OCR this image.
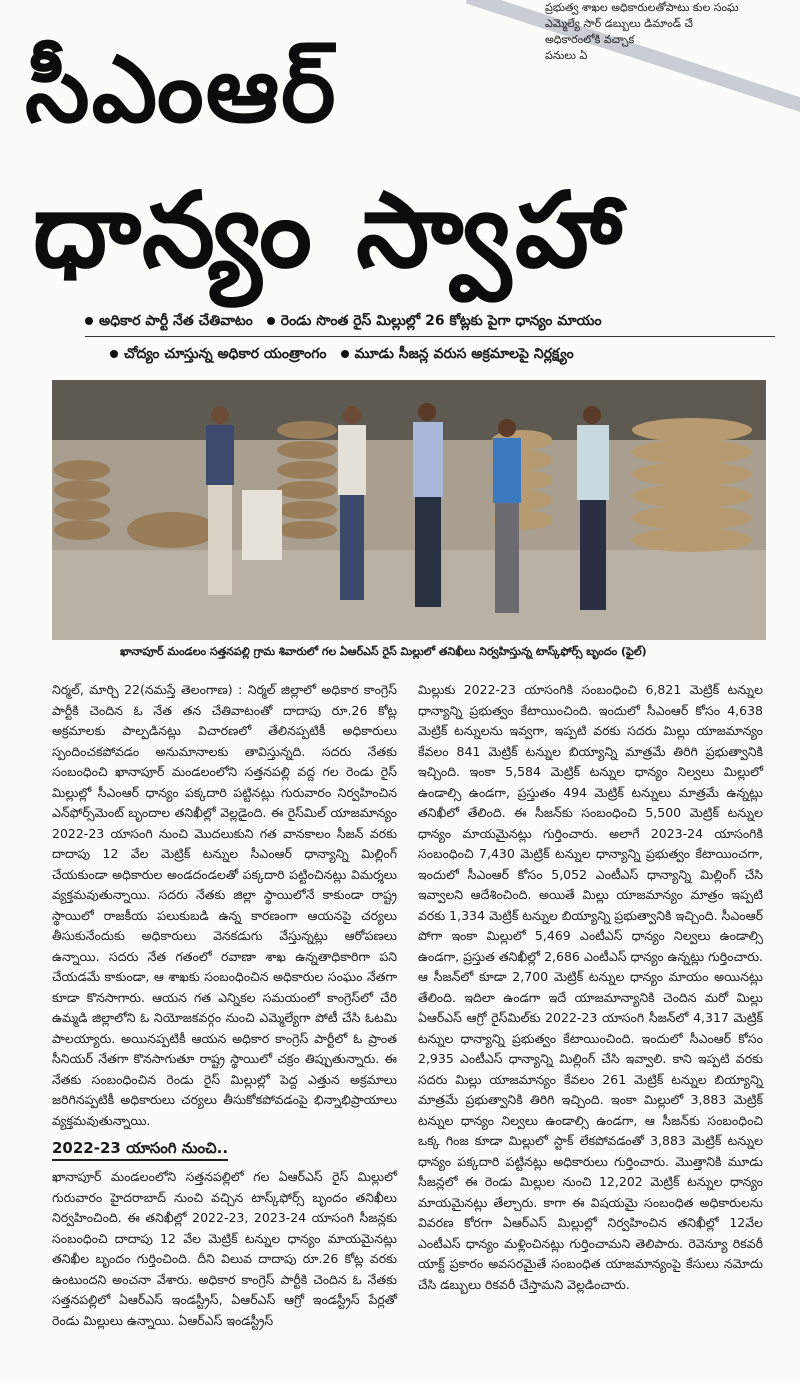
ప్రభుత్వ శాఖల అధికారులతోపాటు కుల సంఘ
ఎమ్మెల్యే సార్ డబ్బులు డిమాండ్ చే
అధికారంలోకి వచ్చాక
పనులు ఏ
సీఎంఆర్
ధాన్యం స్వాహా
అధికార పార్టీ నేత చేతివాటం	రెండు సొంత రైస్ మిల్లుల్లో 26 కోట్లకు పైగా ధాన్యం మాయం
చోద్యం చూస్తున్న అధికార యంత్రాంగం	మూడు సీజన్ల వరుస అక్రమాలపై నిర్లక్ష్యం
ఖానాపూర్ మండలం సత్తనపల్లి గ్రామ శివారులో గల ఏఆర్ఎస్ రైస్ మిల్లులో తనిఖీలు నిర్వహిస్తున్న టాస్క్‌ఫోర్స్ బృందం (ఫైల్)

నిర్మల్, మార్చి 22(నమస్తే తెలంగాణ) : నిర్మల్ జిల్లాలో అధికార కాంగ్రెస్ పార్టీకి చెందిన ఓ నేత తన చేతివాటంతో దాదాపు రూ.26 కోట్ల అక్రమాలకు పాల్పడినట్లు విచారణలో తేలినప్పటికీ అధికారులు స్పందించకపోవడం అనుమానాలకు తావిస్తున్నది. సదరు నేతకు సంబంధించి ఖానాపూర్ మండలంలోని సత్తనపల్లి వద్ద గల రెండు రైస్ మిల్లుల్లో సీఎంఆర్ ధాన్యం పక్కదారి పట్టినట్లు గురువారం నిర్వహించిన ఎన్‌ఫోర్స్‌మెంట్ బృందాల తనిఖీల్లో వెల్లడైంది. ఈ రైస్‌మిల్ యాజమాన్యం 2022-23 యాసంగి నుంచి మొదలుకుని గత వానకాలం సీజన్ వరకు దాదాపు 12 వేల మెట్రిక్ టన్నుల సీఎంఆర్ ధాన్యాన్ని మిల్లింగ్ చేయకుండా అధికారుల అండదండలతో పక్కదారి పట్టించినట్లు విమర్శలు వ్యక్తమవుతున్నాయి. సదరు నేతకు జిల్లా స్థాయిలోనే కాకుండా రాష్ట్ర స్థాయిలో రాజకీయ పలుకుబడి ఉన్న కారణంగా ఆయనపై చర్యలు తీసుకునేందుకు అధికారులు వెనకడుగు వేస్తున్నట్లు ఆరోపణలు ఉన్నాయి. సదరు నేత గతంలో రవాణా శాఖ ఉన్నతాధికారిగా పని చేయడమే కాకుండా, ఆ శాఖకు సంబంధించిన అధికారుల సంఘం నేతగా కూడా కొనసాగారు. ఆయన గత ఎన్నికల సమయంలో కాంగ్రెస్‌లో చేరి ఉమ్మడి జిల్లాలోని ఓ నియోజకవర్గం నుంచి ఎమ్మెల్యేగా పోటీ చేసి ఓటమి పాలయ్యారు. అయినప్పటికీ ఆయన అధికార కాంగ్రెస్ పార్టీలో ఓ ప్రాంత సీనియర్ నేతగా కొనసాగుతూ రాష్ట్ర స్థాయిలో చక్రం తిప్పుతున్నారు. ఈ నేతకు సంబంధించిన రెండు రైస్ మిల్లుల్లో పెద్ద ఎత్తున అక్రమాలు జరిగినప్పటికీ అధికారులు చర్యలు తీసుకోకపోవడంపై భిన్నాభిప్రాయాలు వ్యక్తమవుతున్నాయి.

2022-23 యాసంగి నుంచి..

ఖానాపూర్ మండలంలోని సత్తనపల్లిలో గల ఏఆర్ఎస్ రైస్ మిల్లులో గురువారం హైదరాబాద్ నుంచి వచ్చిన టాస్క్‌ఫోర్స్ బృందం తనిఖీలు నిర్వహించింది. ఈ తనిఖీల్లో 2022-23, 2023-24 యాసంగి సీజన్లకు సంబంధించి దాదాపు 12 వేల మెట్రిక్ టన్నుల ధాన్యం మాయమైనట్లు తనిఖీల బృందం గుర్తించింది. దీని విలువ దాదాపు రూ.26 కోట్ల వరకు ఉంటుందని అంచనా వేశారు. అధికార కాంగ్రెస్ పార్టీకి చెందిన ఓ నేతకు సత్తనపల్లిలో ఏఆర్ఎస్ ఇండస్ట్రీస్, ఏఆర్ఎస్ ఆగ్రో ఇండస్ట్రీస్ పేర్లతో రెండు మిల్లులు ఉన్నాయి. ఏఆర్ఎస్ ఇండస్ట్రీస్

మిల్లుకు 2022-23 యాసంగికి సంబంధించి 6,821 మెట్రిక్ టన్నుల ధాన్యాన్ని ప్రభుత్వం కేటాయించింది. ఇందులో సీఎంఆర్ కోసం 4,638 మెట్రిక్ టన్నులను ఇవ్వగా, ఇప్పటి వరకు సదరు మిల్లు యాజమాన్యం కేవలం 841 మెట్రిక్ టన్నుల బియ్యాన్ని మాత్రమే తిరిగి ప్రభుత్వానికి ఇచ్చింది. ఇంకా 5,584 మెట్రిక్ టన్నుల ధాన్యం నిల్వలు మిల్లులో ఉండాల్సి ఉండగా, ప్రస్తుతం 494 మెట్రిక్ టన్నులు మాత్రమే ఉన్నట్లు తనిఖీలో తేలింది. ఈ సీజన్‌కు సంబంధించి 5,500 మెట్రిక్ టన్నుల ధాన్యం మాయమైనట్లు గుర్తించారు. అలాగే 2023-24 యాసంగికి సంబంధించి 7,430 మెట్రిక్ టన్నుల ధాన్యాన్ని ప్రభుత్వం కేటాయించగా, ఇందులో సీఎంఆర్ కోసం 5,052 ఎంటీఎస్ ధాన్యాన్ని మిల్లింగ్ చేసి ఇవ్వాలని ఆదేశించింది. అయితే మిల్లు యాజమాన్యం మాత్రం ఇప్పటి వరకు 1,334 మెట్రిక్ టన్నుల బియ్యాన్ని ప్రభుత్వానికి ఇచ్చింది. సీఎంఆర్ పోగా ఇంకా మిల్లులో 5,469 ఎంటీఎస్ ధాన్యం నిల్వలు ఉండాల్సి ఉండగా, ప్రస్తుత తనిఖీల్లో 2,686 ఎంటీఎస్ ధాన్యం ఉన్నట్లు గుర్తించారు. ఆ సీజన్‌లో కూడా 2,700 మెట్రిక్ టన్నుల ధాన్యం మాయం అయినట్లు తేలింది. ఇదిలా ఉండగా ఇదే యాజమాన్యానికి చెందిన మరో మిల్లు ఏఆర్ఎస్ ఆగ్రో రైస్‌మిల్‌కు 2022-23 యాసంగి సీజన్‌లో 4,317 మెట్రిక్ టన్నుల ధాన్యాన్ని ప్రభుత్వం కేటాయించింది. ఇందులో సీఎంఆర్ కోసం 2,935 ఎంటీఎస్ ధాన్యాన్ని మిల్లింగ్ చేసి ఇవ్వాలి. కాని ఇప్పటి వరకు సదరు మిల్లు యాజమాన్యం కేవలం 261 మెట్రిక్ టన్నుల బియ్యాన్ని మాత్రమే ప్రభుత్వానికి తిరిగి ఇచ్చింది. ఇంకా మిల్లులో 3,883 మెట్రిక్ టన్నుల ధాన్యం నిల్వలు ఉండాల్సి ఉండగా, ఆ సీజన్‌కు సంబంధించి ఒక్క గింజ కూడా మిల్లులో స్టాక్ లేకపోవడంతో 3,883 మెట్రిక్ టన్నుల ధాన్యం పక్కదారి పట్టినట్లు అధికారులు గుర్తించారు. మొత్తానికి మూడు సీజన్లలో ఈ రెండు మిల్లుల నుంచి 12,202 మెట్రిక్ టన్నుల ధాన్యం మాయమైనట్లు తేల్చారు. కాగా ఈ విషయమై సంబంధిత అధికారులను వివరణ కోరగా ఏఆర్ఎస్ మిల్లుల్లో నిర్వహించిన తనిఖీల్లో 12వేల ఎంటీఎస్ ధాన్యం మళ్లించినట్లు గుర్తించామని తెలిపారు. రెవెన్యూ రికవరీ యాక్ట్ ప్రకారం అవసరమైతే సంబంధిత యాజమాన్యంపై కేసులు నమోదు చేసి డబ్బులు రికవరీ చేస్తామని వెల్లడించారు.
